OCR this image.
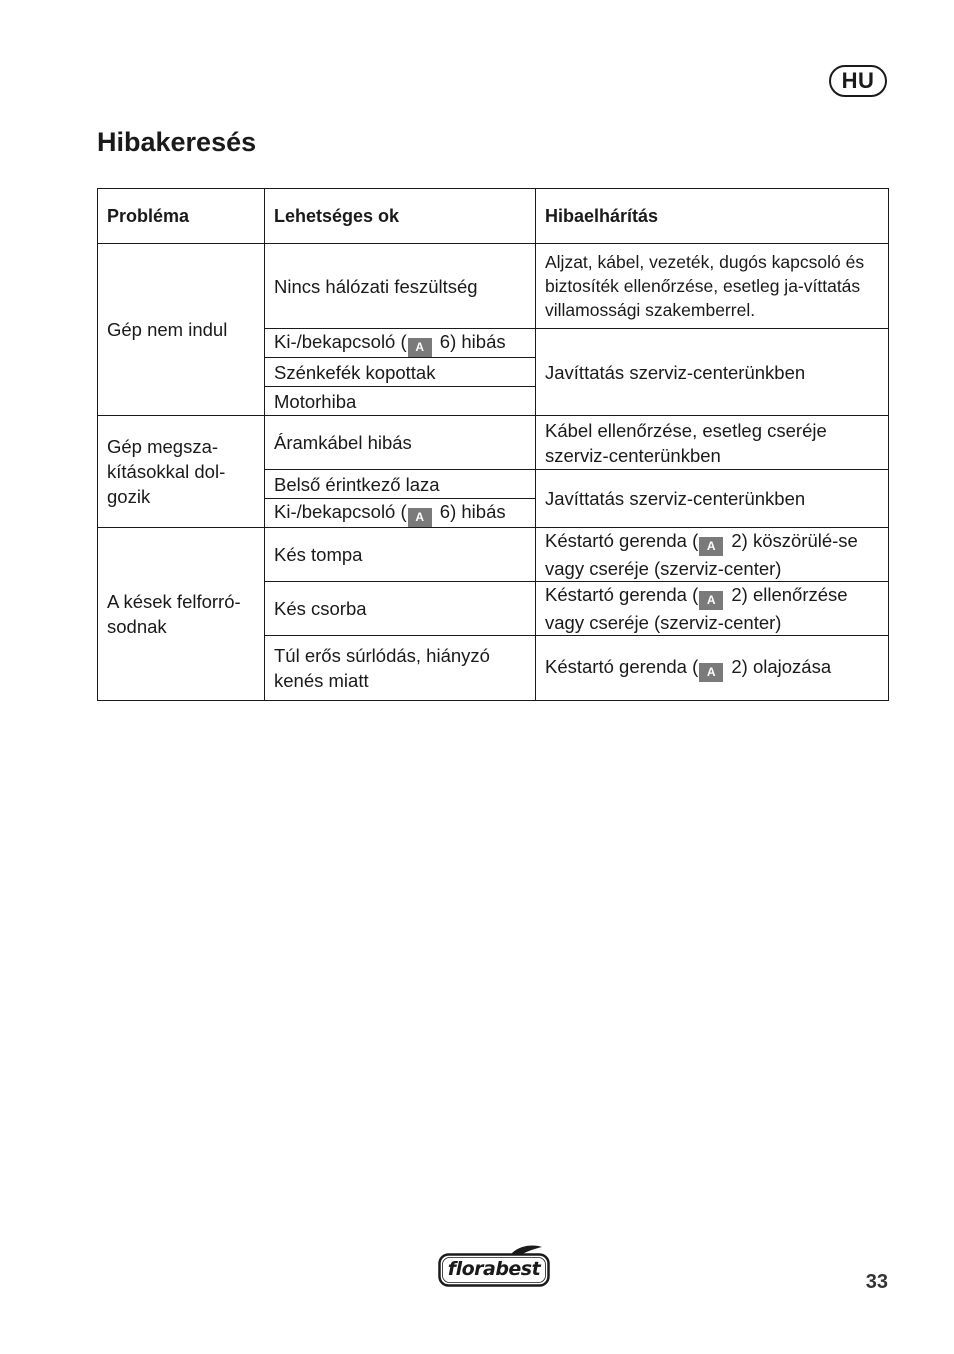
HU
Hibakeresés
Probléma	Lehetséges ok	Hibaelhárítás
Gép nem indul	Nincs hálózati feszültség	Aljzat, kábel, vezeték, dugós kapcsoló és biztosíték ellenőrzése, esetleg ja-víttatás villamossági szakemberrel.
	Ki-/bekapcsoló ( A 6) hibás	Javíttatás szerviz-centerünkben
	Szénkefék kopottak	
	Motorhiba	
Gép megsza-kításokkal dol-gozik	Áramkábel hibás	Kábel ellenőrzése, esetleg cseréje szerviz-centerünkben
	Belső érintkező laza	Javíttatás szerviz-centerünkben
	Ki-/bekapcsoló ( A 6) hibás	
A kések felforró-sodnak	Kés tompa	Késtartó gerenda ( A 2) köszörülé-se vagy cseréje (szerviz-center)
	Kés csorba	Késtartó gerenda ( A 2) ellenőrzése vagy cseréje (szerviz-center)
	Túl erős súrlódás, hiányzó kenés miatt	Késtartó gerenda ( A 2) olajozása
florabest
33
